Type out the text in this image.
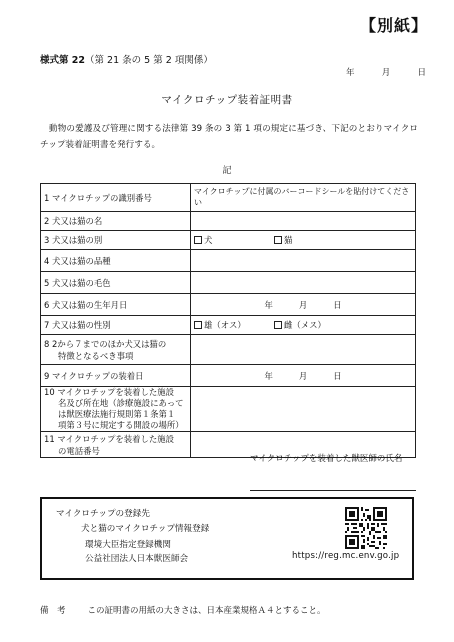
【別紙】
様式第 22（第 21 条の 5 第 2 項関係）
年	月	日
マイクロチップ装着証明書
動物の愛護及び管理に関する法律第 39 条の 3 第 1 項の規定に基づき、下記のとおりマイクロチップ装着証明書を発行する。
記
1 マイクロチップの識別番号	マイクロチップに付属のバーコードシールを貼付けてください
2 犬又は猫の名	
3 犬又は猫の別	犬 猫

4 犬又は猫の品種	
5 犬又は猫の毛色	
6 犬又は猫の生年月日	年 月 日

7 犬又は猫の性別	雄（オス） 雌（メス）

8 2から７までのほか犬又は猫の
特徴となるべき事項	

9 マイクロチップの装着日	年 月 日

10 マイクロチップを装着した施設
名及び所在地（診療施設にあって
は獣医療法施行規則第１条第１
項第３号に規定する開設の場所）	

11 マイクロチップを装着した施設
の電話番号	

マイクロチップを装着した獣医師の氏名
マイクロチップの登録先
犬と猫のマイクロチップ情報登録
環境大臣指定登録機関
公益社団法人日本獣医師会	https://reg.mc.env.go.jp
備　考	この証明書の用紙の大きさは、日本産業規格Ａ４とすること。
